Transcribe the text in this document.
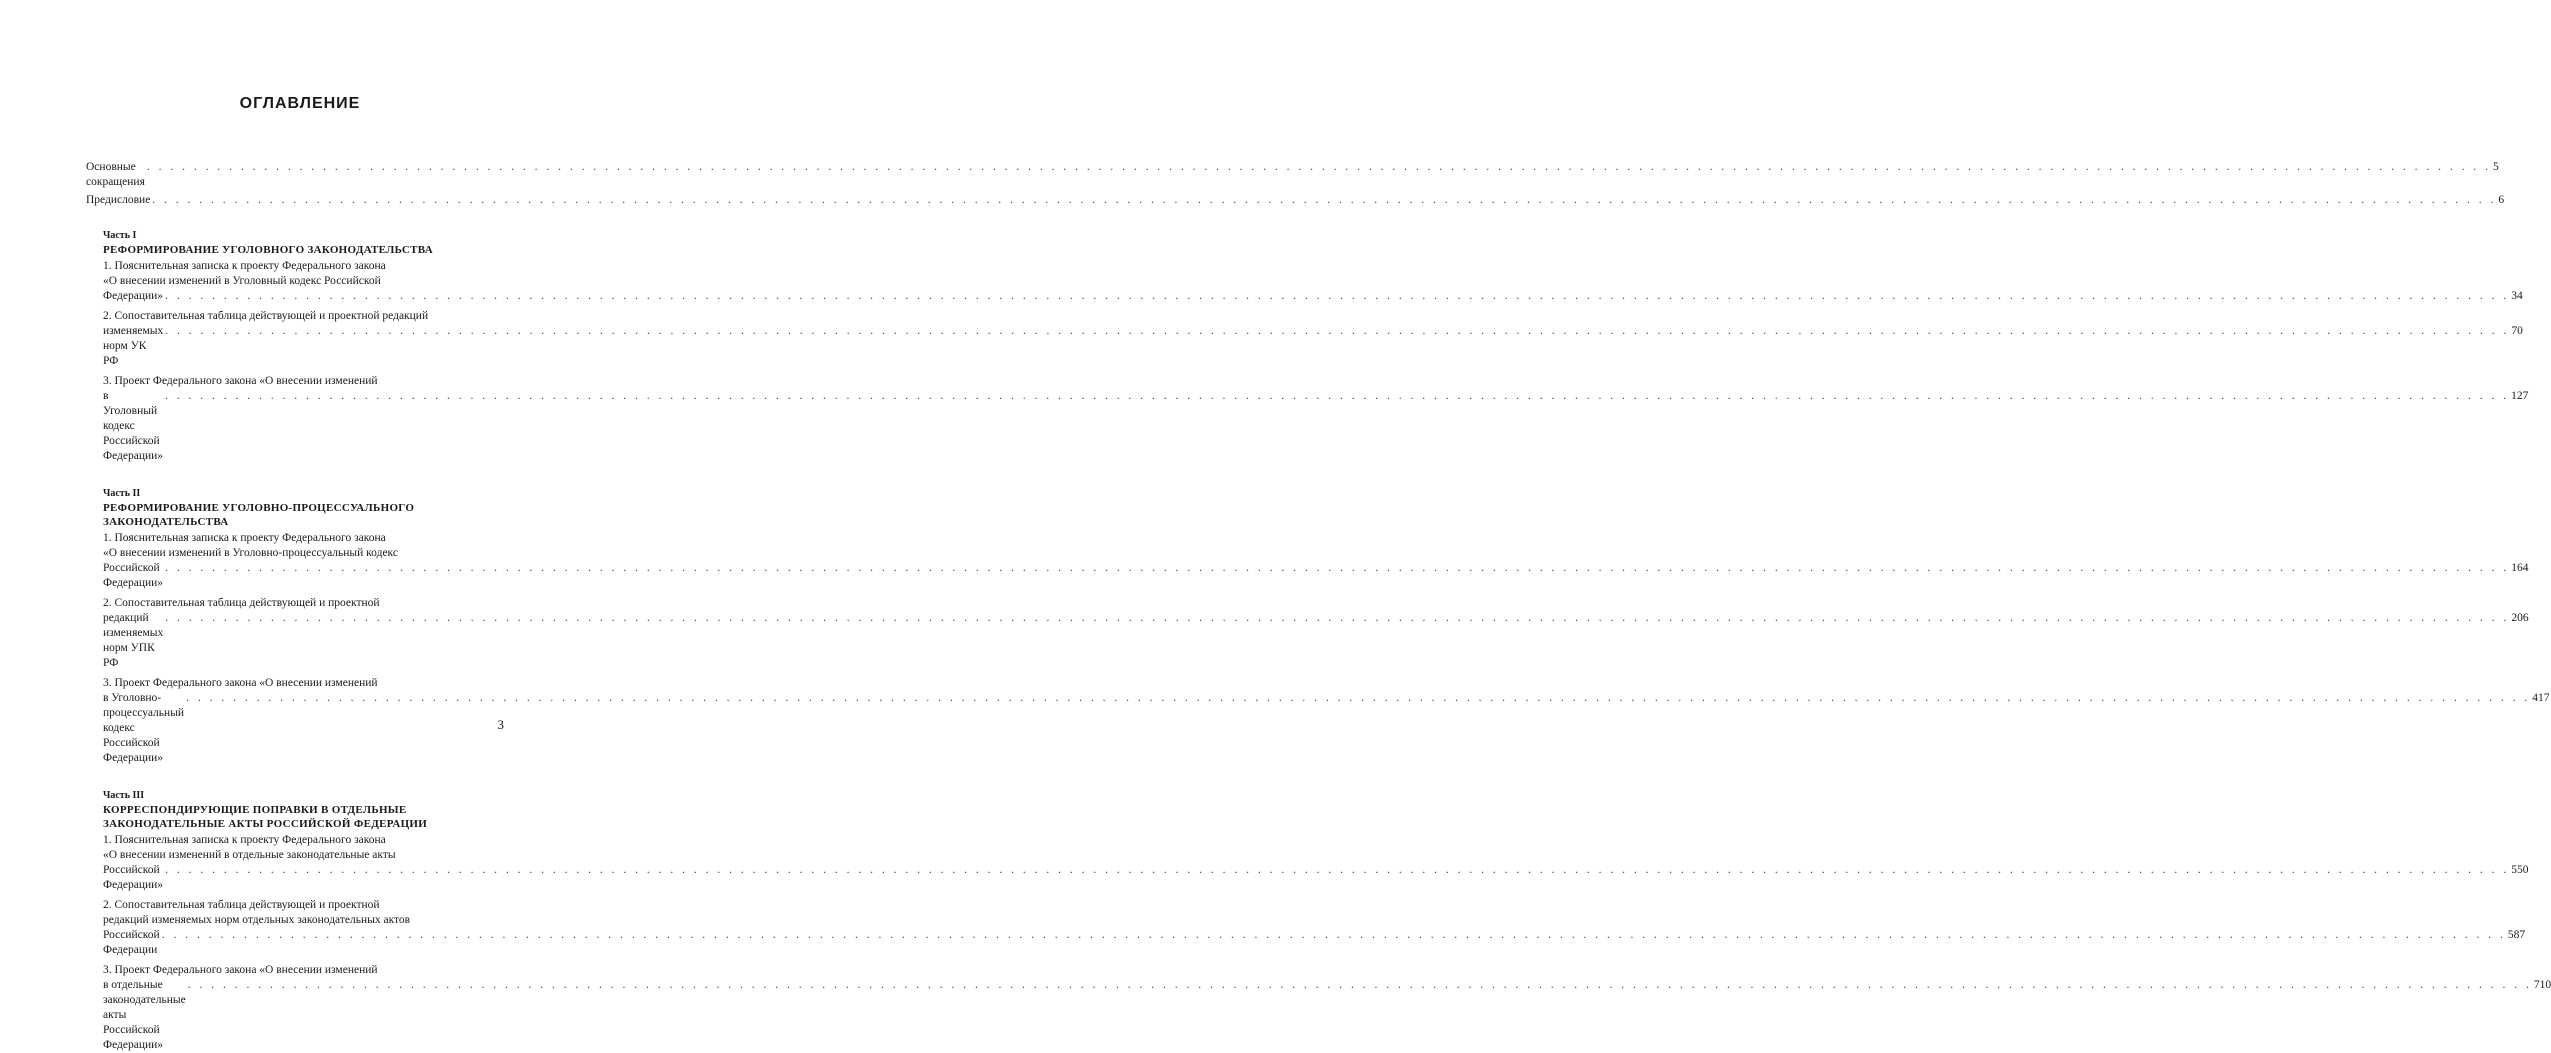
ОГЛАВЛЕНИЕ
Основные сокращения
. . . . . . . . . . . . . . . . . . . . . . . . . . . . . . . . . . . . . . . . . . . . . . . . . . . . . . . . . . . . . . . . . . . . . . . . . . . . . . . . . . . . . . . . . . . . . . . . . . . . . . . . . . . . . . . . . . . . . . . . . . . . . . . . . . . . . . . . . . . . . . . . . . . . . . . . . . . . . . . . . . . . . . . . . . . . . . . . . . . . . . . . . . . . . . . . . . . . . . . . 5
Предисловие . . . . . . . . . . . . . . . . . . . . . . . . . . . . . . . . . . . . . . . . . . . . . . . . . . . . . . . . . . . . . . . . . . . . . . . . . . . . . . . . . . . . . . . . . . . . . . . . . . . . . . . . . . . . . . . . . . . . . . . . . . . . . . . . . . . . . . . . . . . . . . . . . . . . . . . . . . . . . . . . . . . . . . . . . . . . . . . . . . . . . . . . . . . . . . . . . . . . . . . . 6
Часть I
РЕФОРМИРОВАНИЕ УГОЛОВНОГО ЗАКОНОДАТЕЛЬСТВА
1. Пояснительная записка к проекту Федерального закона
«О внесении изменений в Уголовный кодекс Российской
Федерации» . . . . . . . . . . . . . . . . . . . . . . . . . . . . . . . . . . . . . . . . . . . . . . . . . . . . . . . . . . . . . . . . . . . . . . . . . . . . . . . . . . . . . . . . . . . . . . . . . . . . . . . . . . . . . . . . . . . . . . . . . . . . . . . . . . . . . . . . . . . . . . . . . . . . . . . . . . . . . . . . . . . . . . . . . . . . . . . . . . . . . . . . . . . . . . . . . . . . . . . . 34
2. Сопоставительная таблица действующей и проектной редакций
изменяемых норм УК РФ
. . . . . . . . . . . . . . . . . . . . . . . . . . . . . . . . . . . . . . . . . . . . . . . . . . . . . . . . . . . . . . . . . . . . . . . . . . . . . . . . . . . . . . . . . . . . . . . . . . . . . . . . . . . . . . . . . . . . . . . . . . . . . . . . . . . . . . . . . . . . . . . . . . . . . . . . . . . . . . . . . . . . . . . . . . . . . . . . . . . . . . . . . . . . . . . . . . . . . . . . 70
3. Проект Федерального закона «О внесении изменений
в Уголовный кодекс Российской Федерации»
. . . . . . . . . . . . . . . . . . . . . . . . . . . . . . . . . . . . . . . . . . . . . . . . . . . . . . . . . . . . . . . . . . . . . . . . . . . . . . . . . . . . . . . . . . . . . . . . . . . . . . . . . . . . . . . . . . . . . . . . . . . . . . . . . . . . . . . . . . . . . . . . . . . . . . . . . . . . . . . . . . . . . . . . . . . . . . . . . . . . . . . . . . . . . . . . . . . . . . . . 127
Часть II
РЕФОРМИРОВАНИЕ УГОЛОВНО-ПРОЦЕССУАЛЬНОГО
ЗАКОНОДАТЕЛЬСТВА
1. Пояснительная записка к проекту Федерального закона
«О внесении изменений в Уголовно-процессуальный кодекс
Российской Федерации»
. . . . . . . . . . . . . . . . . . . . . . . . . . . . . . . . . . . . . . . . . . . . . . . . . . . . . . . . . . . . . . . . . . . . . . . . . . . . . . . . . . . . . . . . . . . . . . . . . . . . . . . . . . . . . . . . . . . . . . . . . . . . . . . . . . . . . . . . . . . . . . . . . . . . . . . . . . . . . . . . . . . . . . . . . . . . . . . . . . . . . . . . . . . . . . . . . . . . . . . . 164
2. Сопоставительная таблица действующей и проектной
редакций изменяемых норм УПК РФ
. . . . . . . . . . . . . . . . . . . . . . . . . . . . . . . . . . . . . . . . . . . . . . . . . . . . . . . . . . . . . . . . . . . . . . . . . . . . . . . . . . . . . . . . . . . . . . . . . . . . . . . . . . . . . . . . . . . . . . . . . . . . . . . . . . . . . . . . . . . . . . . . . . . . . . . . . . . . . . . . . . . . . . . . . . . . . . . . . . . . . . . . . . . . . . . . . . . . . . . . 206
3. Проект Федерального закона «О внесении изменений
в Уголовно-процессуальный кодекс Российской Федерации»
. . . . . . . . . . . . . . . . . . . . . . . . . . . . . . . . . . . . . . . . . . . . . . . . . . . . . . . . . . . . . . . . . . . . . . . . . . . . . . . . . . . . . . . . . . . . . . . . . . . . . . . . . . . . . . . . . . . . . . . . . . . . . . . . . . . . . . . . . . . . . . . . . . . . . . . . . . . . . . . . . . . . . . . . . . . . . . . . . . . . . . . . . . . . . . . . . . . . . . . . 417
Часть III
КОРРЕСПОНДИРУЮЩИЕ ПОПРАВКИ В ОТДЕЛЬНЫЕ
ЗАКОНОДАТЕЛЬНЫЕ АКТЫ РОССИЙСКОЙ ФЕДЕРАЦИИ
1. Пояснительная записка к проекту Федерального закона
«О внесении изменений в отдельные законодательные акты
Российской Федерации»
. . . . . . . . . . . . . . . . . . . . . . . . . . . . . . . . . . . . . . . . . . . . . . . . . . . . . . . . . . . . . . . . . . . . . . . . . . . . . . . . . . . . . . . . . . . . . . . . . . . . . . . . . . . . . . . . . . . . . . . . . . . . . . . . . . . . . . . . . . . . . . . . . . . . . . . . . . . . . . . . . . . . . . . . . . . . . . . . . . . . . . . . . . . . . . . . . . . . . . . . 550
2. Сопоставительная таблица действующей и проектной
редакций изменяемых норм отдельных законодательных актов
Российской Федерации
. . . . . . . . . . . . . . . . . . . . . . . . . . . . . . . . . . . . . . . . . . . . . . . . . . . . . . . . . . . . . . . . . . . . . . . . . . . . . . . . . . . . . . . . . . . . . . . . . . . . . . . . . . . . . . . . . . . . . . . . . . . . . . . . . . . . . . . . . . . . . . . . . . . . . . . . . . . . . . . . . . . . . . . . . . . . . . . . . . . . . . . . . . . . . . . . . . . . . . . . 587
3. Проект Федерального закона «О внесении изменений
в отдельные законодательные акты Российской Федерации»
. . . . . . . . . . . . . . . . . . . . . . . . . . . . . . . . . . . . . . . . . . . . . . . . . . . . . . . . . . . . . . . . . . . . . . . . . . . . . . . . . . . . . . . . . . . . . . . . . . . . . . . . . . . . . . . . . . . . . . . . . . . . . . . . . . . . . . . . . . . . . . . . . . . . . . . . . . . . . . . . . . . . . . . . . . . . . . . . . . . . . . . . . . . . . . . . . . . . . . . . 710
3
